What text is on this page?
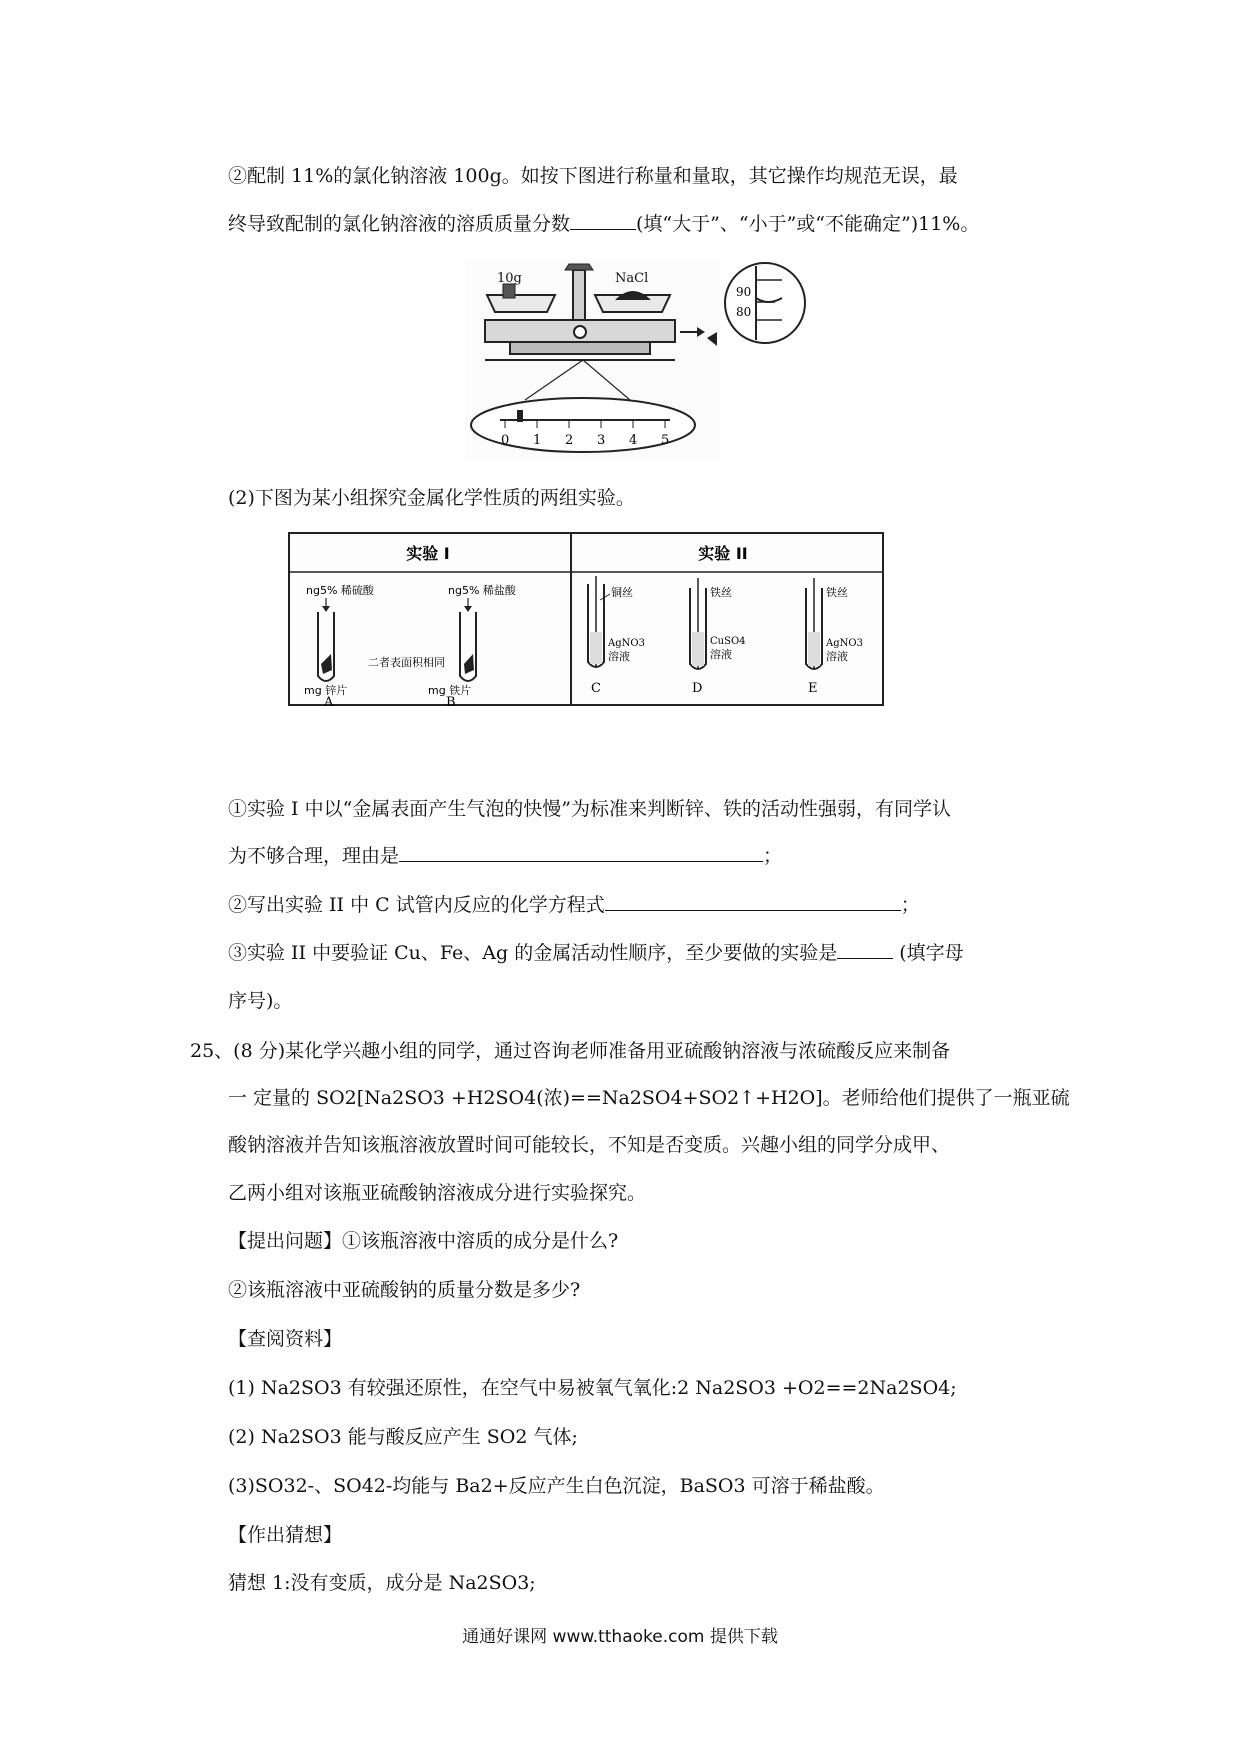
②配制 11%的氯化钠溶液 100g。如按下图进行称量和量取，其它操作均规范无误，最
终导致配制的氯化钠溶液的溶质质量分数	(填“大于”、“小于”或“不能确定”)11%。
10g	NaCl
0 1 2 3 4 5
90
80
(2)下图为某小组探究金属化学性质的两组实验。
实验 I	实验 II
ng5% 稀硫酸
mg 锌片
A
ng5% 稀盐酸
二者表面积相同
mg 铁片
B
铜丝
AgNO3
溶液
C
铁丝
CuSO4
溶液
D
铁丝
AgNO3
溶液
E
①实验 I 中以“金属表面产生气泡的快慢”为标准来判断锌、铁的活动性强弱，有同学认
为不够合理，理由是	；
②写出实验 II 中 C 试管内反应的化学方程式	；
③实验 II 中要验证 Cu、Fe、Ag 的金属活动性顺序，至少要做的实验是	(填字母
序号)。
25、(8 分)某化学兴趣小组的同学，通过咨询老师准备用亚硫酸钠溶液与浓硫酸反应来制备
一 定量的 SO2[Na2SO3 +H2SO4(浓)==Na2SO4+SO2↑+H2O]。老师给他们提供了一瓶亚硫
酸钠溶液并告知该瓶溶液放置时间可能较长，不知是否变质。兴趣小组的同学分成甲、
乙两小组对该瓶亚硫酸钠溶液成分进行实验探究。
【提出问题】①该瓶溶液中溶质的成分是什么?
②该瓶溶液中亚硫酸钠的质量分数是多少?
【查阅资料】
(1) Na2SO3 有较强还原性，在空气中易被氧气氧化:2 Na2SO3 +O2==2Na2SO4;
(2) Na2SO3 能与酸反应产生 SO2 气体;
(3)SO32-、SO42-均能与 Ba2+反应产生白色沉淀，BaSO3 可溶于稀盐酸。
【作出猜想】
猜想 1:没有变质，成分是 Na2SO3;
通通好课网 www.tthaoke.com 提供下载
